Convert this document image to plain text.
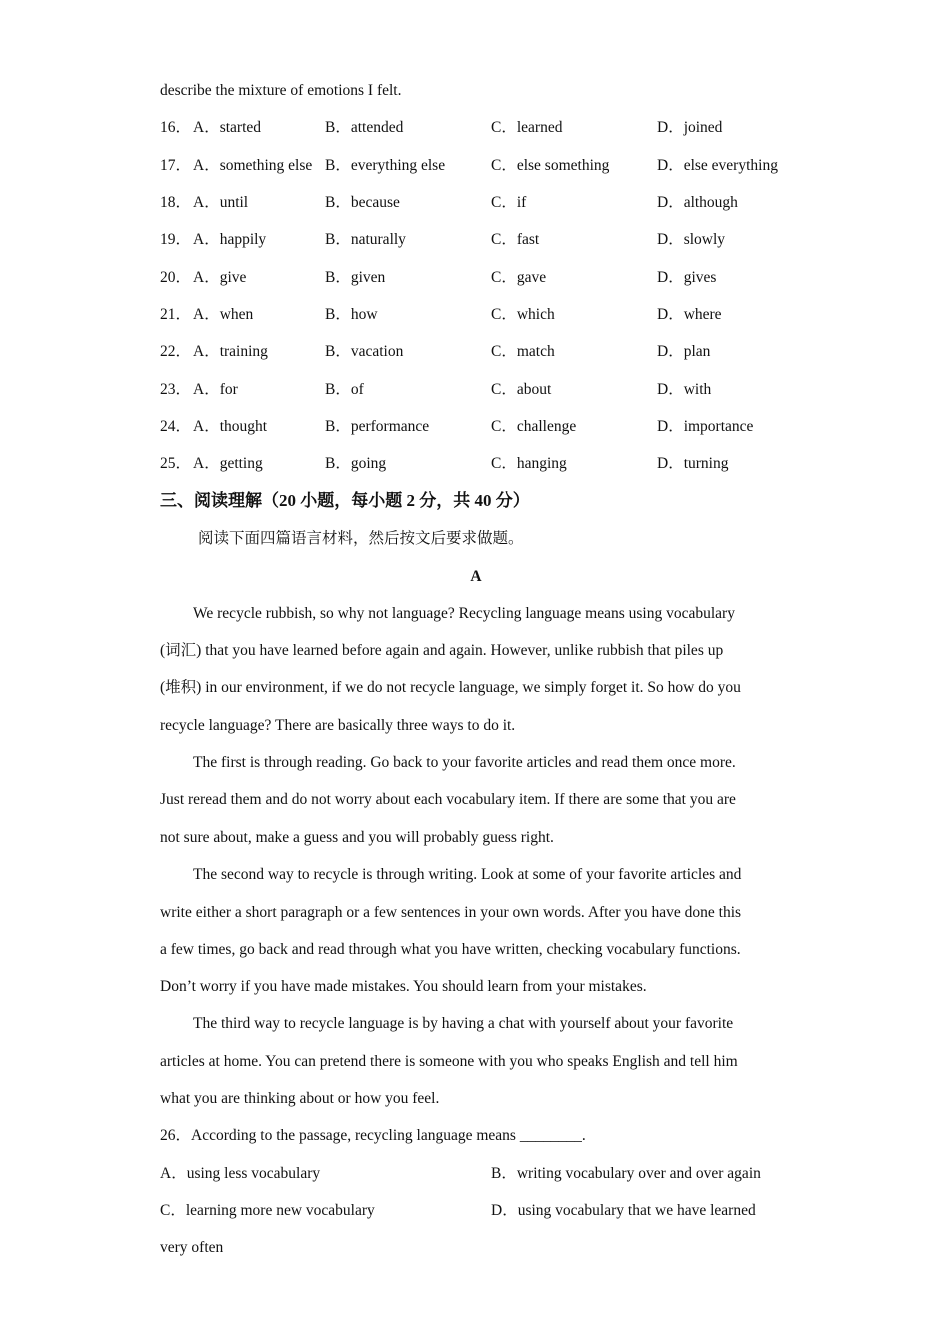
describe the mixture of emotions I felt.
16． A．started	B．attended	C．learned	D．joined
17． A．something else B．everything else	C．else something	D．else everything
18． A．until	B．because	C．if	D．although
19． A．happily	B．naturally	C．fast	D．slowly
20． A．give	B．given	C．gave	D．gives
21． A．when	B．how	C．which	D．where
22． A．training	B．vacation	C．match	D．plan
23． A．for	B．of	C．about	D．with
24． A．thought	B．performance	C．challenge	D．importance
25． A．getting	B．going	C．hanging	D．turning
三、阅读理解（20 小题，每小题 2 分，共 40 分）
阅读下面四篇语言材料，然后按文后要求做题。
A
We recycle rubbish, so why not language? Recycling language means using vocabulary
(词汇) that you have learned before again and again. However, unlike rubbish that piles up
(堆积) in our environment, if we do not recycle language, we simply forget it. So how do you
recycle language? There are basically three ways to do it.
The first is through reading. Go back to your favorite articles and read them once more.
Just reread them and do not worry about each vocabulary item. If there are some that you are
not sure about, make a guess and you will probably guess right.
The second way to recycle is through writing. Look at some of your favorite articles and
write either a short paragraph or a few sentences in your own words. After you have done this
a few times, go back and read through what you have written, checking vocabulary functions.
Don’t worry if you have made mistakes. You should learn from your mistakes.
The third way to recycle language is by having a chat with yourself about your favorite
articles at home. You can pretend there is someone with you who speaks English and tell him
what you are thinking about or how you feel.
26．According to the passage, recycling language means ________.
A．using less vocabulary	B．writing vocabulary over and over again
C．learning more new vocabulary	D．using vocabulary that we have learned
very often
